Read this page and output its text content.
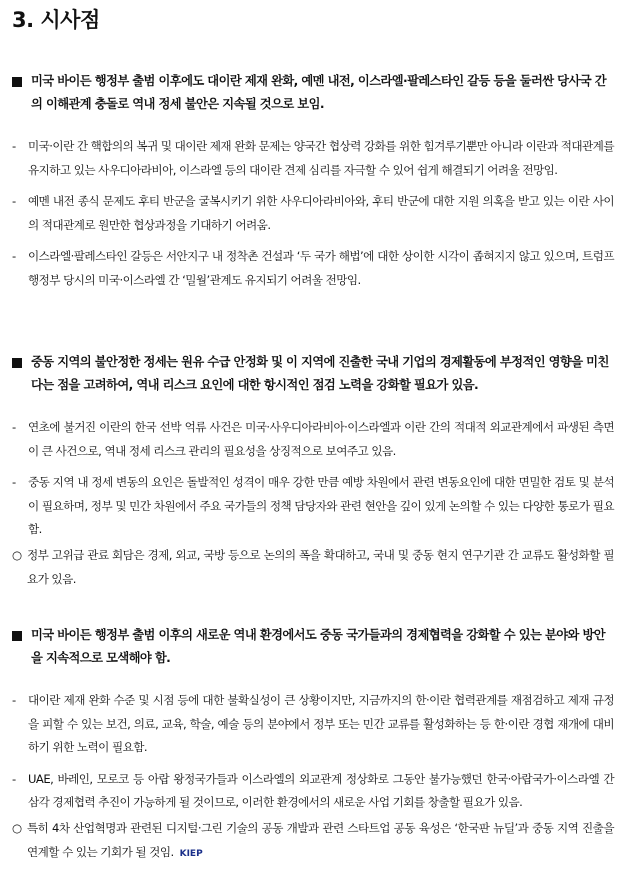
3. 시사점
미국 바이든 행정부 출범 이후에도 대이란 제재 완화, 예멘 내전, 이스라엘·팔레스타인 갈등 등을 둘러싼 당사국 간의 이해관계 충돌로 역내 정세 불안은 지속될 것으로 보임.
- 미국·이란 간 핵합의의 복귀 및 대이란 제재 완화 문제는 양국간 협상력 강화를 위한 힘겨루기뿐만 아니라 이란과 적대관계를 유지하고 있는 사우디아라비아, 이스라엘 등의 대이란 견제 심리를 자극할 수 있어 쉽게 해결되기 어려울 전망임.
- 예멘 내전 종식 문제도 후티 반군을 굴복시키기 위한 사우디아라비아와, 후티 반군에 대한 지원 의혹을 받고 있는 이란 사이의 적대관계로 원만한 협상과정을 기대하기 어려움.
- 이스라엘·팔레스타인 갈등은 서안지구 내 정착촌 건설과 ‘두 국가 해법’에 대한 상이한 시각이 좁혀지지 않고 있으며, 트럼프 행정부 당시의 미국·이스라엘 간 ‘밀월’관계도 유지되기 어려울 전망임.
중동 지역의 불안정한 정세는 원유 수급 안정화 및 이 지역에 진출한 국내 기업의 경제활동에 부정적인 영향을 미친다는 점을 고려하여, 역내 리스크 요인에 대한 항시적인 점검 노력을 강화할 필요가 있음.
- 연초에 불거진 이란의 한국 선박 억류 사건은 미국·사우디아라비아·이스라엘과 이란 간의 적대적 외교관계에서 파생된 측면이 큰 사건으로, 역내 정세 리스크 관리의 필요성을 상징적으로 보여주고 있음.
- 중동 지역 내 정세 변동의 요인은 돌발적인 성격이 매우 강한 만큼 예방 차원에서 관련 변동요인에 대한 면밀한 검토 및 분석이 필요하며, 정부 및 민간 차원에서 주요 국가들의 정책 담당자와 관련 현안을 깊이 있게 논의할 수 있는 다양한 통로가 필요함.
○ 정부 고위급 관료 회담은 경제, 외교, 국방 등으로 논의의 폭을 확대하고, 국내 및 중동 현지 연구기관 간 교류도 활성화할 필요가 있음.
미국 바이든 행정부 출범 이후의 새로운 역내 환경에서도 중동 국가들과의 경제협력을 강화할 수 있는 분야와 방안을 지속적으로 모색해야 함.
- 대이란 제재 완화 수준 및 시점 등에 대한 불확실성이 큰 상황이지만, 지금까지의 한·이란 협력관계를 재점검하고 제재 규정을 피할 수 있는 보건, 의료, 교육, 학술, 예술 등의 분야에서 정부 또는 민간 교류를 활성화하는 등 한·이란 경협 재개에 대비하기 위한 노력이 필요함.
- UAE, 바레인, 모로코 등 아랍 왕정국가들과 이스라엘의 외교관계 정상화로 그동안 불가능했던 한국·아랍국가·이스라엘 간 삼각 경제협력 추진이 가능하게 될 것이므로, 이러한 환경에서의 새로운 사업 기회를 창출할 필요가 있음.
○ 특히 4차 산업혁명과 관련된 디지털·그린 기술의 공동 개발과 관련 스타트업 공동 육성은 ‘한국판 뉴딜’과 중동 지역 진출을 연계할 수 있는 기회가 될 것임. KIEP
